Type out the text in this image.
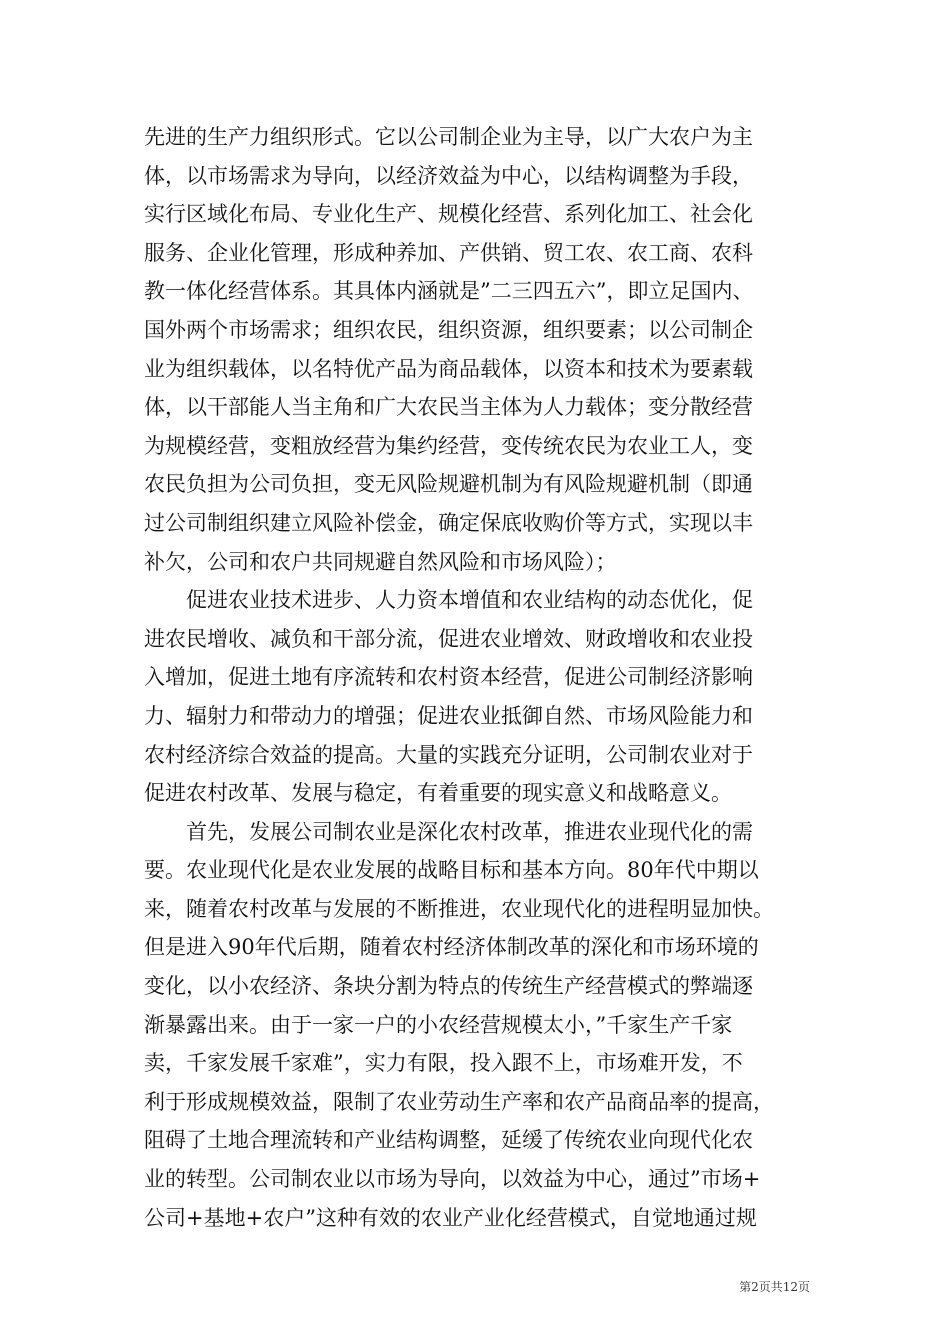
先进的生产力组织形式。它以公司制企业为主导，以广大农户为主
体，以市场需求为导向，以经济效益为中心，以结构调整为手段，
实行区域化布局、专业化生产、规模化经营、系列化加工、社会化
服务、企业化管理，形成种养加、产供销、贸工农、农工商、农科
教一体化经营体系。其具体内涵就是”二三四五六”，即立足国内、
国外两个市场需求；组织农民，组织资源，组织要素；以公司制企
业为组织载体，以名特优产品为商品载体，以资本和技术为要素载
体，以干部能人当主角和广大农民当主体为人力载体；变分散经营
为规模经营，变粗放经营为集约经营，变传统农民为农业工人，变
农民负担为公司负担，变无风险规避机制为有风险规避机制（即通
过公司制组织建立风险补偿金，确定保底收购价等方式，实现以丰
补欠，公司和农户共同规避自然风险和市场风险）；
促进农业技术进步、人力资本增值和农业结构的动态优化，促
进农民增收、减负和干部分流，促进农业增效、财政增收和农业投
入增加，促进土地有序流转和农村资本经营，促进公司制经济影响
力、辐射力和带动力的增强；促进农业抵御自然、市场风险能力和
农村经济综合效益的提高。大量的实践充分证明，公司制农业对于
促进农村改革、发展与稳定，有着重要的现实意义和战略意义。
首先，发展公司制农业是深化农村改革，推进农业现代化的需
要。农业现代化是农业发展的战略目标和基本方向。80年代中期以
来，随着农村改革与发展的不断推进，农业现代化的进程明显加快。
但是进入90年代后期，随着农村经济体制改革的深化和市场环境的
变化，以小农经济、条块分割为特点的传统生产经营模式的弊端逐
渐暴露出来。由于一家一户的小农经营规模太小，”千家生产千家
卖，千家发展千家难”，实力有限，投入跟不上，市场难开发，不
利于形成规模效益，限制了农业劳动生产率和农产品商品率的提高，
阻碍了土地合理流转和产业结构调整，延缓了传统农业向现代化农
业的转型。公司制农业以市场为导向，以效益为中心，通过”市场+
公司+基地+农户”这种有效的农业产业化经营模式，自觉地通过规
第2页共12页
